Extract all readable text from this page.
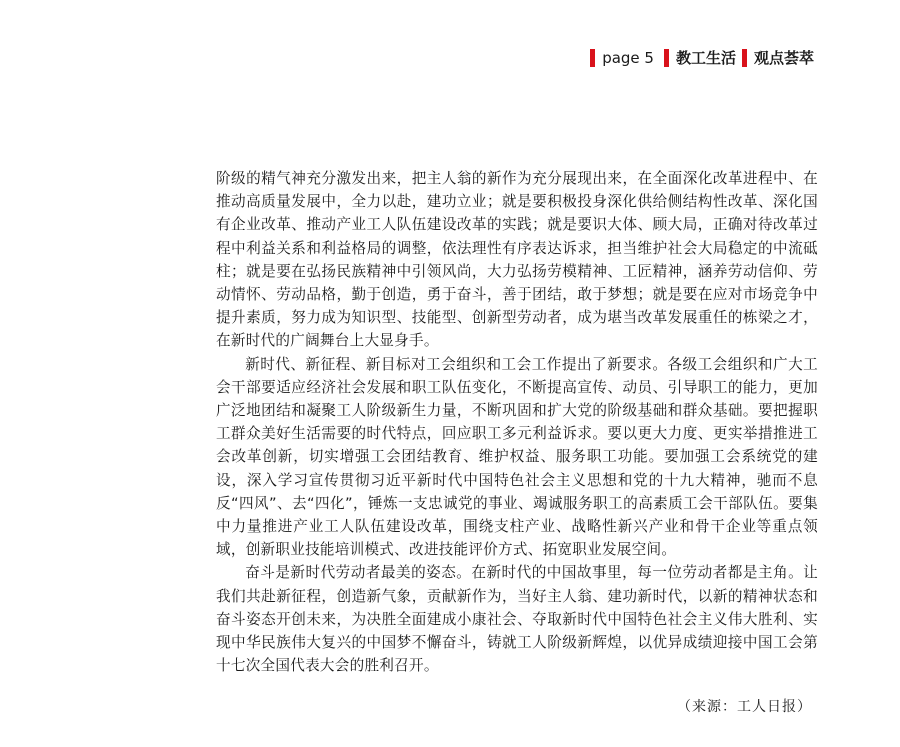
page 5 教工生活 观点荟萃

阶级的精气神充分激发出来，把主人翁的新作为充分展现出来，在全面深化改革进程中、在推动高质量发展中，全力以赴，建功立业；就是要积极投身深化供给侧结构性改革、深化国有企业改革、推动产业工人队伍建设改革的实践；就是要识大体、顾大局，正确对待改革过程中利益关系和利益格局的调整，依法理性有序表达诉求，担当维护社会大局稳定的中流砥柱；就是要在弘扬民族精神中引领风尚，大力弘扬劳模精神、工匠精神，涵养劳动信仰、劳动情怀、劳动品格，勤于创造，勇于奋斗，善于团结，敢于梦想；就是要在应对市场竞争中提升素质，努力成为知识型、技能型、创新型劳动者，成为堪当改革发展重任的栋梁之才，在新时代的广阔舞台上大显身手。

新时代、新征程、新目标对工会组织和工会工作提出了新要求。各级工会组织和广大工会干部要适应经济社会发展和职工队伍变化，不断提高宣传、动员、引导职工的能力，更加广泛地团结和凝聚工人阶级新生力量，不断巩固和扩大党的阶级基础和群众基础。要把握职工群众美好生活需要的时代特点，回应职工多元利益诉求。要以更大力度、更实举措推进工会改革创新，切实增强工会团结教育、维护权益、服务职工功能。要加强工会系统党的建设，深入学习宣传贯彻习近平新时代中国特色社会主义思想和党的十九大精神，驰而不息反“四风”、去“四化”，锤炼一支忠诚党的事业、竭诚服务职工的高素质工会干部队伍。要集中力量推进产业工人队伍建设改革，围绕支柱产业、战略性新兴产业和骨干企业等重点领域，创新职业技能培训模式、改进技能评价方式、拓宽职业发展空间。

奋斗是新时代劳动者最美的姿态。在新时代的中国故事里，每一位劳动者都是主角。让我们共赴新征程，创造新气象，贡献新作为，当好主人翁、建功新时代，以新的精神状态和奋斗姿态开创未来，为决胜全面建成小康社会、夺取新时代中国特色社会主义伟大胜利、实现中华民族伟大复兴的中国梦不懈奋斗，铸就工人阶级新辉煌，以优异成绩迎接中国工会第十七次全国代表大会的胜利召开。

（来源：工人日报）
